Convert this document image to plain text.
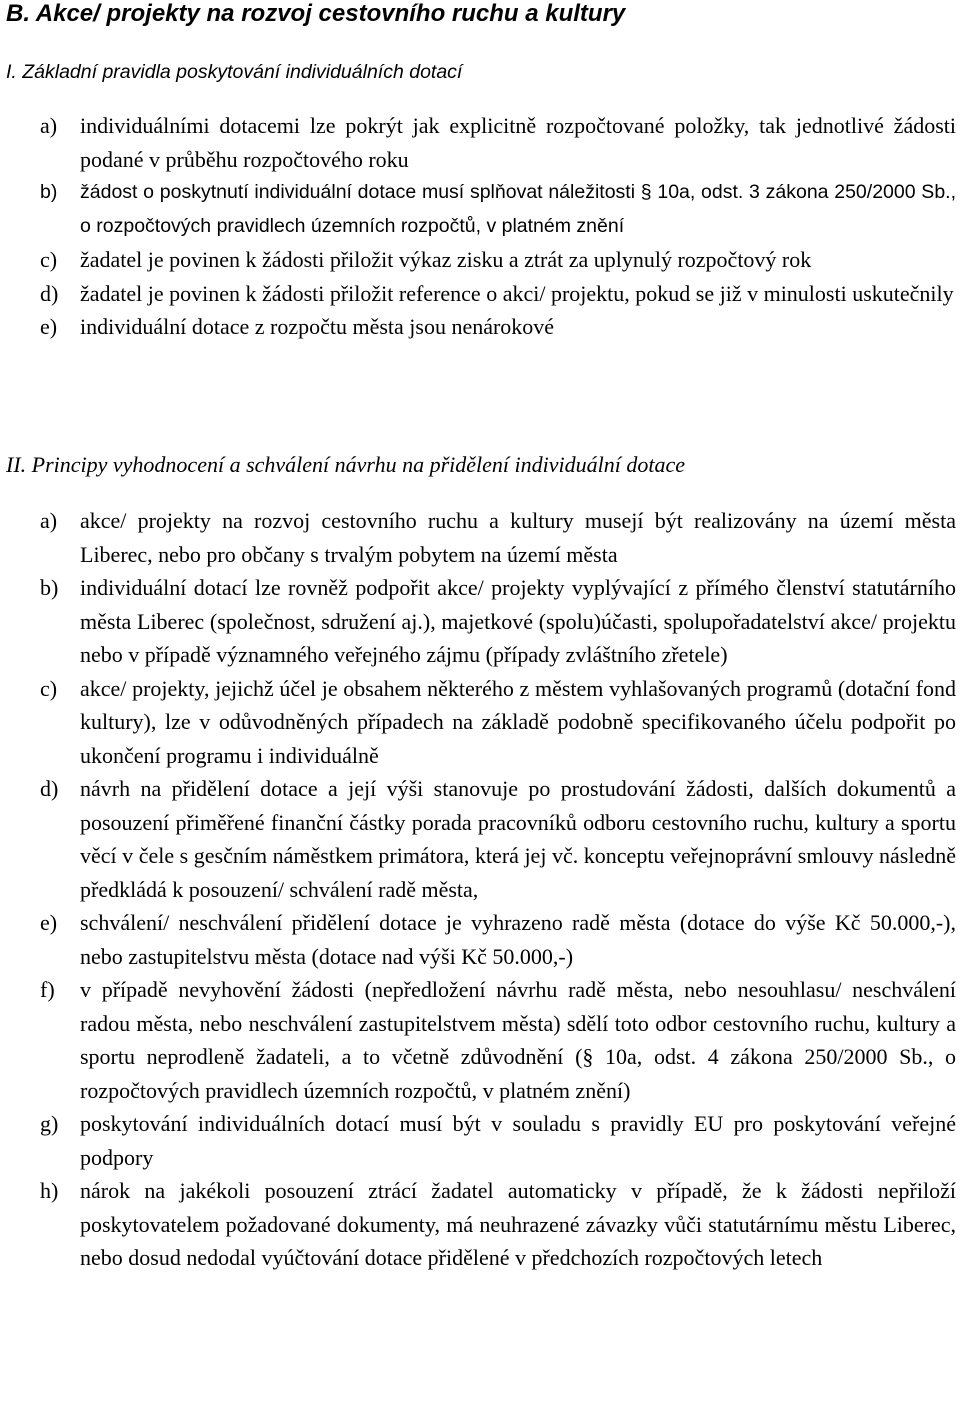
B. Akce/ projekty na rozvoj cestovního ruchu a kultury
I. Základní pravidla poskytování individuálních dotací
a) individuálními dotacemi lze pokrýt jak explicitně rozpočtované položky, tak jednotlivé žádosti podané v průběhu rozpočtového roku
b) žádost o poskytnutí individuální dotace musí splňovat náležitosti § 10a, odst. 3 zákona 250/2000 Sb., o rozpočtových pravidlech územních rozpočtů, v platném znění
c) žadatel je povinen k žádosti přiložit výkaz zisku a ztrát za uplynulý rozpočtový rok
d) žadatel je povinen k žádosti přiložit reference o akci/ projektu, pokud se již v minulosti uskutečnily
e) individuální dotace z rozpočtu města jsou nenárokové
II. Principy vyhodnocení a schválení návrhu na přidělení individuální dotace
a) akce/ projekty na rozvoj cestovního ruchu a kultury musejí být realizovány na území města Liberec, nebo pro občany s trvalým pobytem na území města
b) individuální dotací lze rovněž podpořit akce/ projekty vyplývající z přímého členství statutárního města Liberec (společnost, sdružení aj.), majetkové (spolu)účasti, spolupořadatelství akce/ projektu nebo v případě významného veřejného zájmu (případy zvláštního zřetele)
c) akce/ projekty, jejichž účel je obsahem některého z městem vyhlašovaných programů (dotační fond kultury), lze v odůvodněných případech na základě podobně specifikovaného účelu podpořit po ukončení programu i individuálně
d) návrh na přidělení dotace a její výši stanovuje po prostudování žádosti, dalších dokumentů a posouzení přiměřené finanční částky porada pracovníků odboru cestovního ruchu, kultury a sportu věcí v čele s gesčním náměstkem primátora, která jej vč. konceptu veřejnoprávní smlouvy následně předkládá k posouzení/ schválení radě města,
e) schválení/ neschválení přidělení dotace je vyhrazeno radě města (dotace do výše Kč 50.000,-), nebo zastupitelstvu města (dotace nad výši Kč 50.000,-)
f) v případě nevyhovění žádosti (nepředložení návrhu radě města, nebo nesouhlasu/ neschválení radou města, nebo neschválení zastupitelstvem města) sdělí toto odbor cestovního ruchu, kultury a sportu neprodleně žadateli, a to včetně zdůvodnění (§ 10a, odst. 4 zákona 250/2000 Sb., o rozpočtových pravidlech územních rozpočtů, v platném znění)
g) poskytování individuálních dotací musí být v souladu s pravidly EU pro poskytování veřejné podpory
h) nárok na jakékoli posouzení ztrácí žadatel automaticky v případě, že k žádosti nepřiloží poskytovatelem požadované dokumenty, má neuhrazené závazky vůči statutárnímu městu Liberec, nebo dosud nedodal vyúčtování dotace přidělené v předchozích rozpočtových letech
